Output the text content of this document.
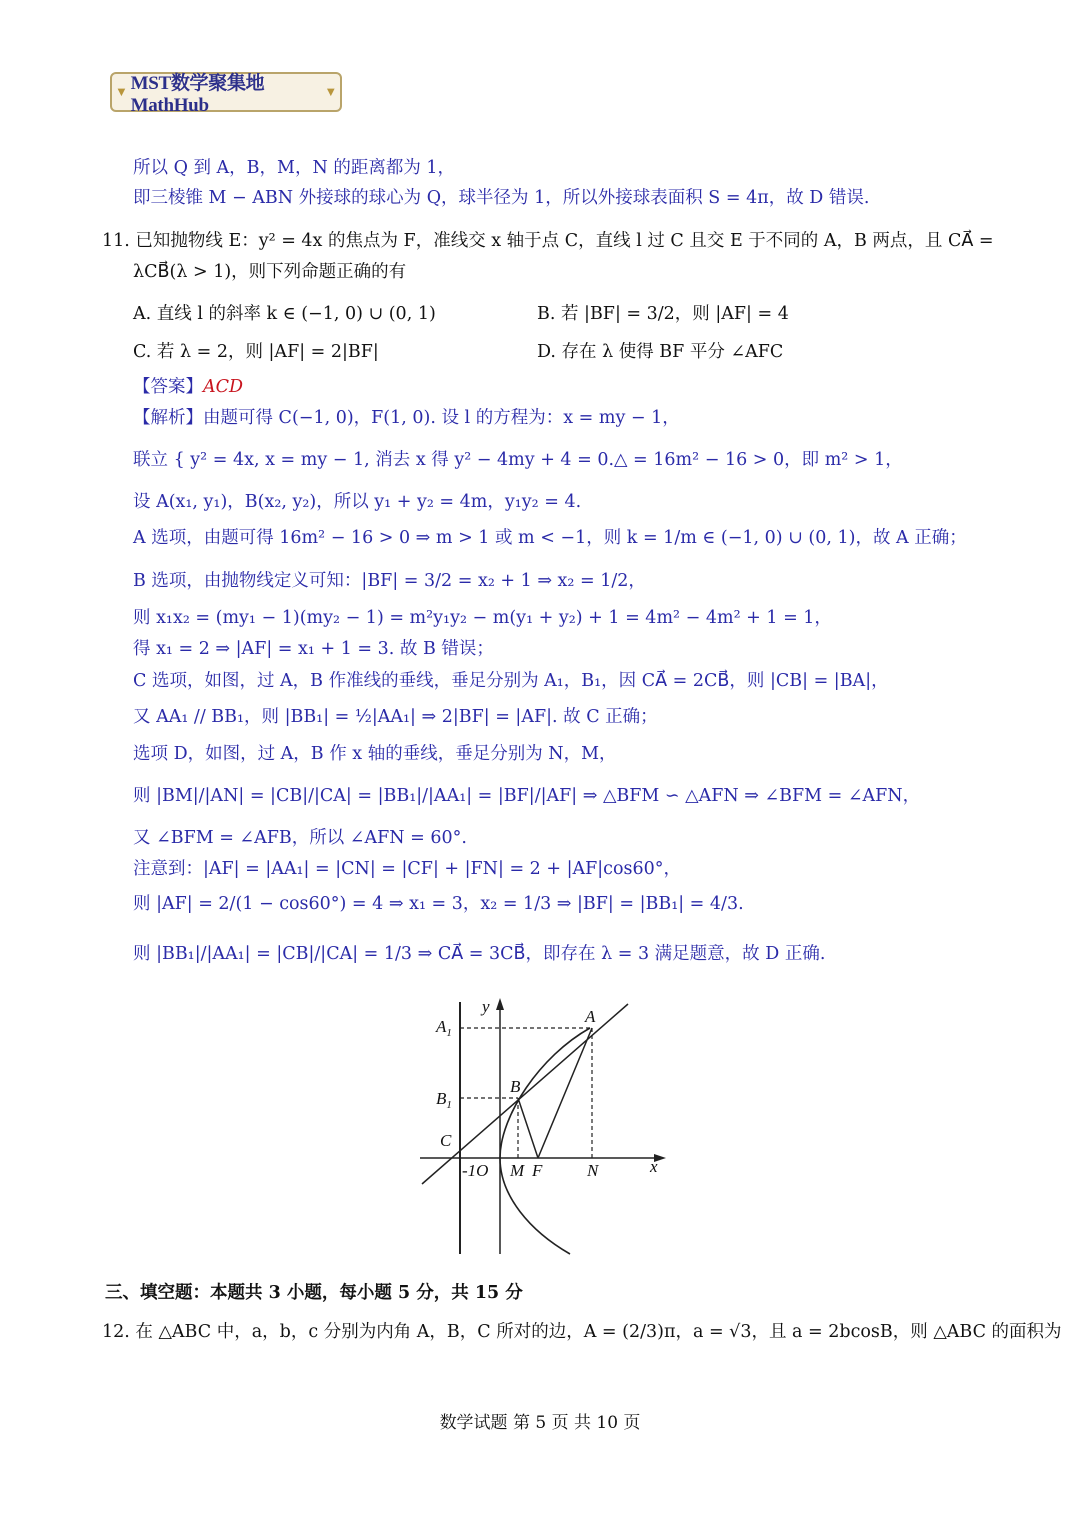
▼ MST数学聚集地MathHub
▼
所以 Q 到 A，B，M，N 的距离都为 1，
即三棱锥 M − ABN 外接球的球心为 Q，球半径为 1，所以外接球表面积 S = 4π，故 D 错误.
11. 已知抛物线 E：y² = 4x 的焦点为 F，准线交 x 轴于点 C，直线 l 过 C 且交 E 于不同的 A，B 两点，且 CA⃗ =
λCB⃗(λ > 1)，则下列命题正确的有
A. 直线 l 的斜率 k ∈ (−1, 0) ∪ (0, 1)	B. 若 |BF| = 3/2，则 |AF| = 4
C. 若 λ = 2，则 |AF| = 2|BF|	D. 存在 λ 使得 BF 平分 ∠AFC
【答案】ACD
【解析】由题可得 C(−1, 0)，F(1, 0). 设 l 的方程为：x = my − 1，
联立 { y² = 4x, x = my − 1, 消去 x 得 y² − 4my + 4 = 0.△ = 16m² − 16 > 0，即 m² > 1，
设 A(x₁, y₁)，B(x₂, y₂)，所以 y₁ + y₂ = 4m，y₁y₂ = 4.
A 选项，由题可得 16m² − 16 > 0 ⇒ m > 1 或 m < −1，则 k = 1/m ∈ (−1, 0) ∪ (0, 1)，故 A 正确；
B 选项，由抛物线定义可知：|BF| = 3/2 = x₂ + 1 ⇒ x₂ = 1/2，
则 x₁x₂ = (my₁ − 1)(my₂ − 1) = m²y₁y₂ − m(y₁ + y₂) + 1 = 4m² − 4m² + 1 = 1，
得 x₁ = 2 ⇒ |AF| = x₁ + 1 = 3. 故 B 错误；
C 选项，如图，过 A，B 作准线的垂线，垂足分别为 A₁，B₁，因 CA⃗ = 2CB⃗，则 |CB| = |BA|，
又 AA₁ // BB₁，则 |BB₁| = ½|AA₁| ⇒ 2|BF| = |AF|. 故 C 正确；
选项 D，如图，过 A，B 作 x 轴的垂线，垂足分别为 N，M，
则 |BM|/|AN| = |CB|/|CA| = |BB₁|/|AA₁| = |BF|/|AF| ⇒ △BFM ∽ △AFN ⇒ ∠BFM = ∠AFN，
又 ∠BFM = ∠AFB，所以 ∠AFN = 60°.
注意到：|AF| = |AA₁| = |CN| = |CF| + |FN| = 2 + |AF|cos60°，
则 |AF| = 2/(1 − cos60°) = 4 ⇒ x₁ = 3，x₂ = 1/3 ⇒ |BF| = |BB₁| = 4/3.
则 |BB₁|/|AA₁| = |CB|/|CA| = 1/3 ⇒ CA⃗ = 3CB⃗，即存在 λ = 3 满足题意，故 D 正确.
$A_1$
$B_1$
A
B
C
y
x
-1O M F	N
三、填空题：本题共 3 小题，每小题 5 分，共 15 分
12. 在 △ABC 中，a，b，c 分别为内角 A，B，C 所对的边，A = (2/3)π，a = √3，且 a = 2bcosB，则 △ABC 的面积为
数学试题 第 5 页 共 10 页
